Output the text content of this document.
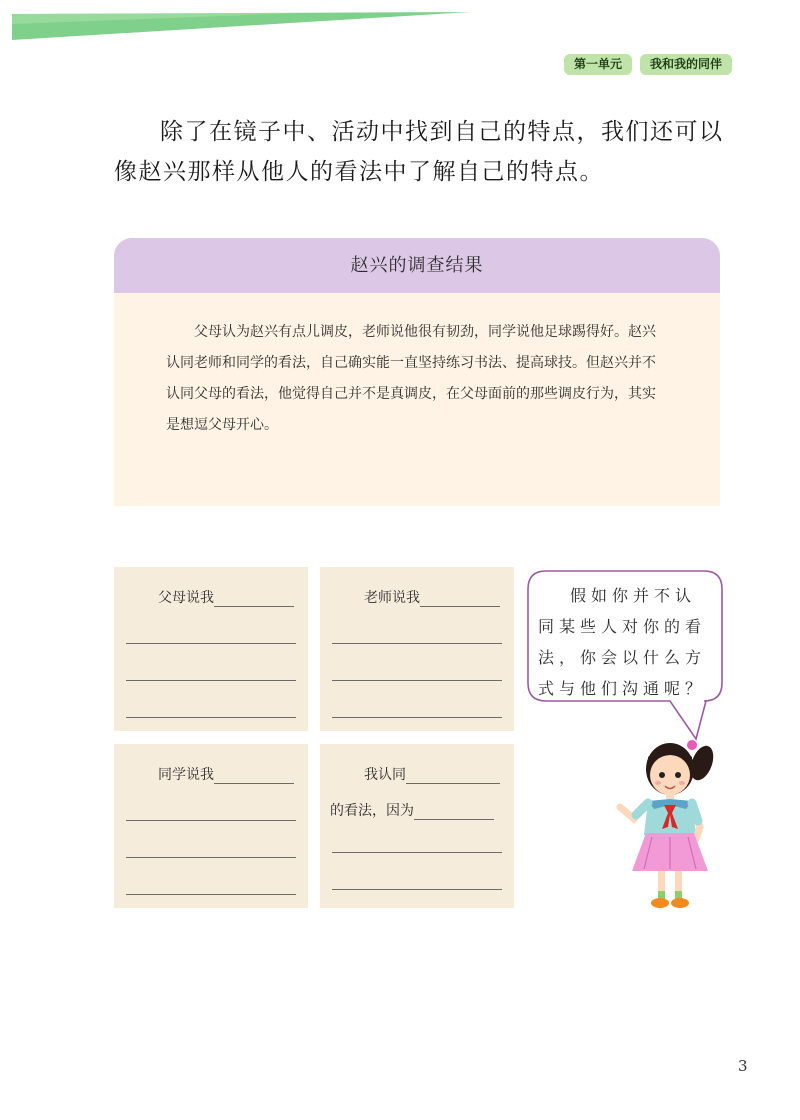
第一单元	我和我的同伴
除了在镜子中、活动中找到自己的特点，我们还可以像赵兴那样从他人的看法中了解自己的特点。
赵兴的调查结果
父母认为赵兴有点儿调皮，老师说他很有韧劲，同学说他足球踢得好。赵兴认同老师和同学的看法，自己确实能一直坚持练习书法、提高球技。但赵兴并不认同父母的看法，他觉得自己并不是真调皮，在父母面前的那些调皮行为，其实是想逗父母开心。
父母说我	老师说我
同学说我	我认同
的看法，因为
假如你并不认同某些人对你的看法，你会以什么方式与他们沟通呢？
3
